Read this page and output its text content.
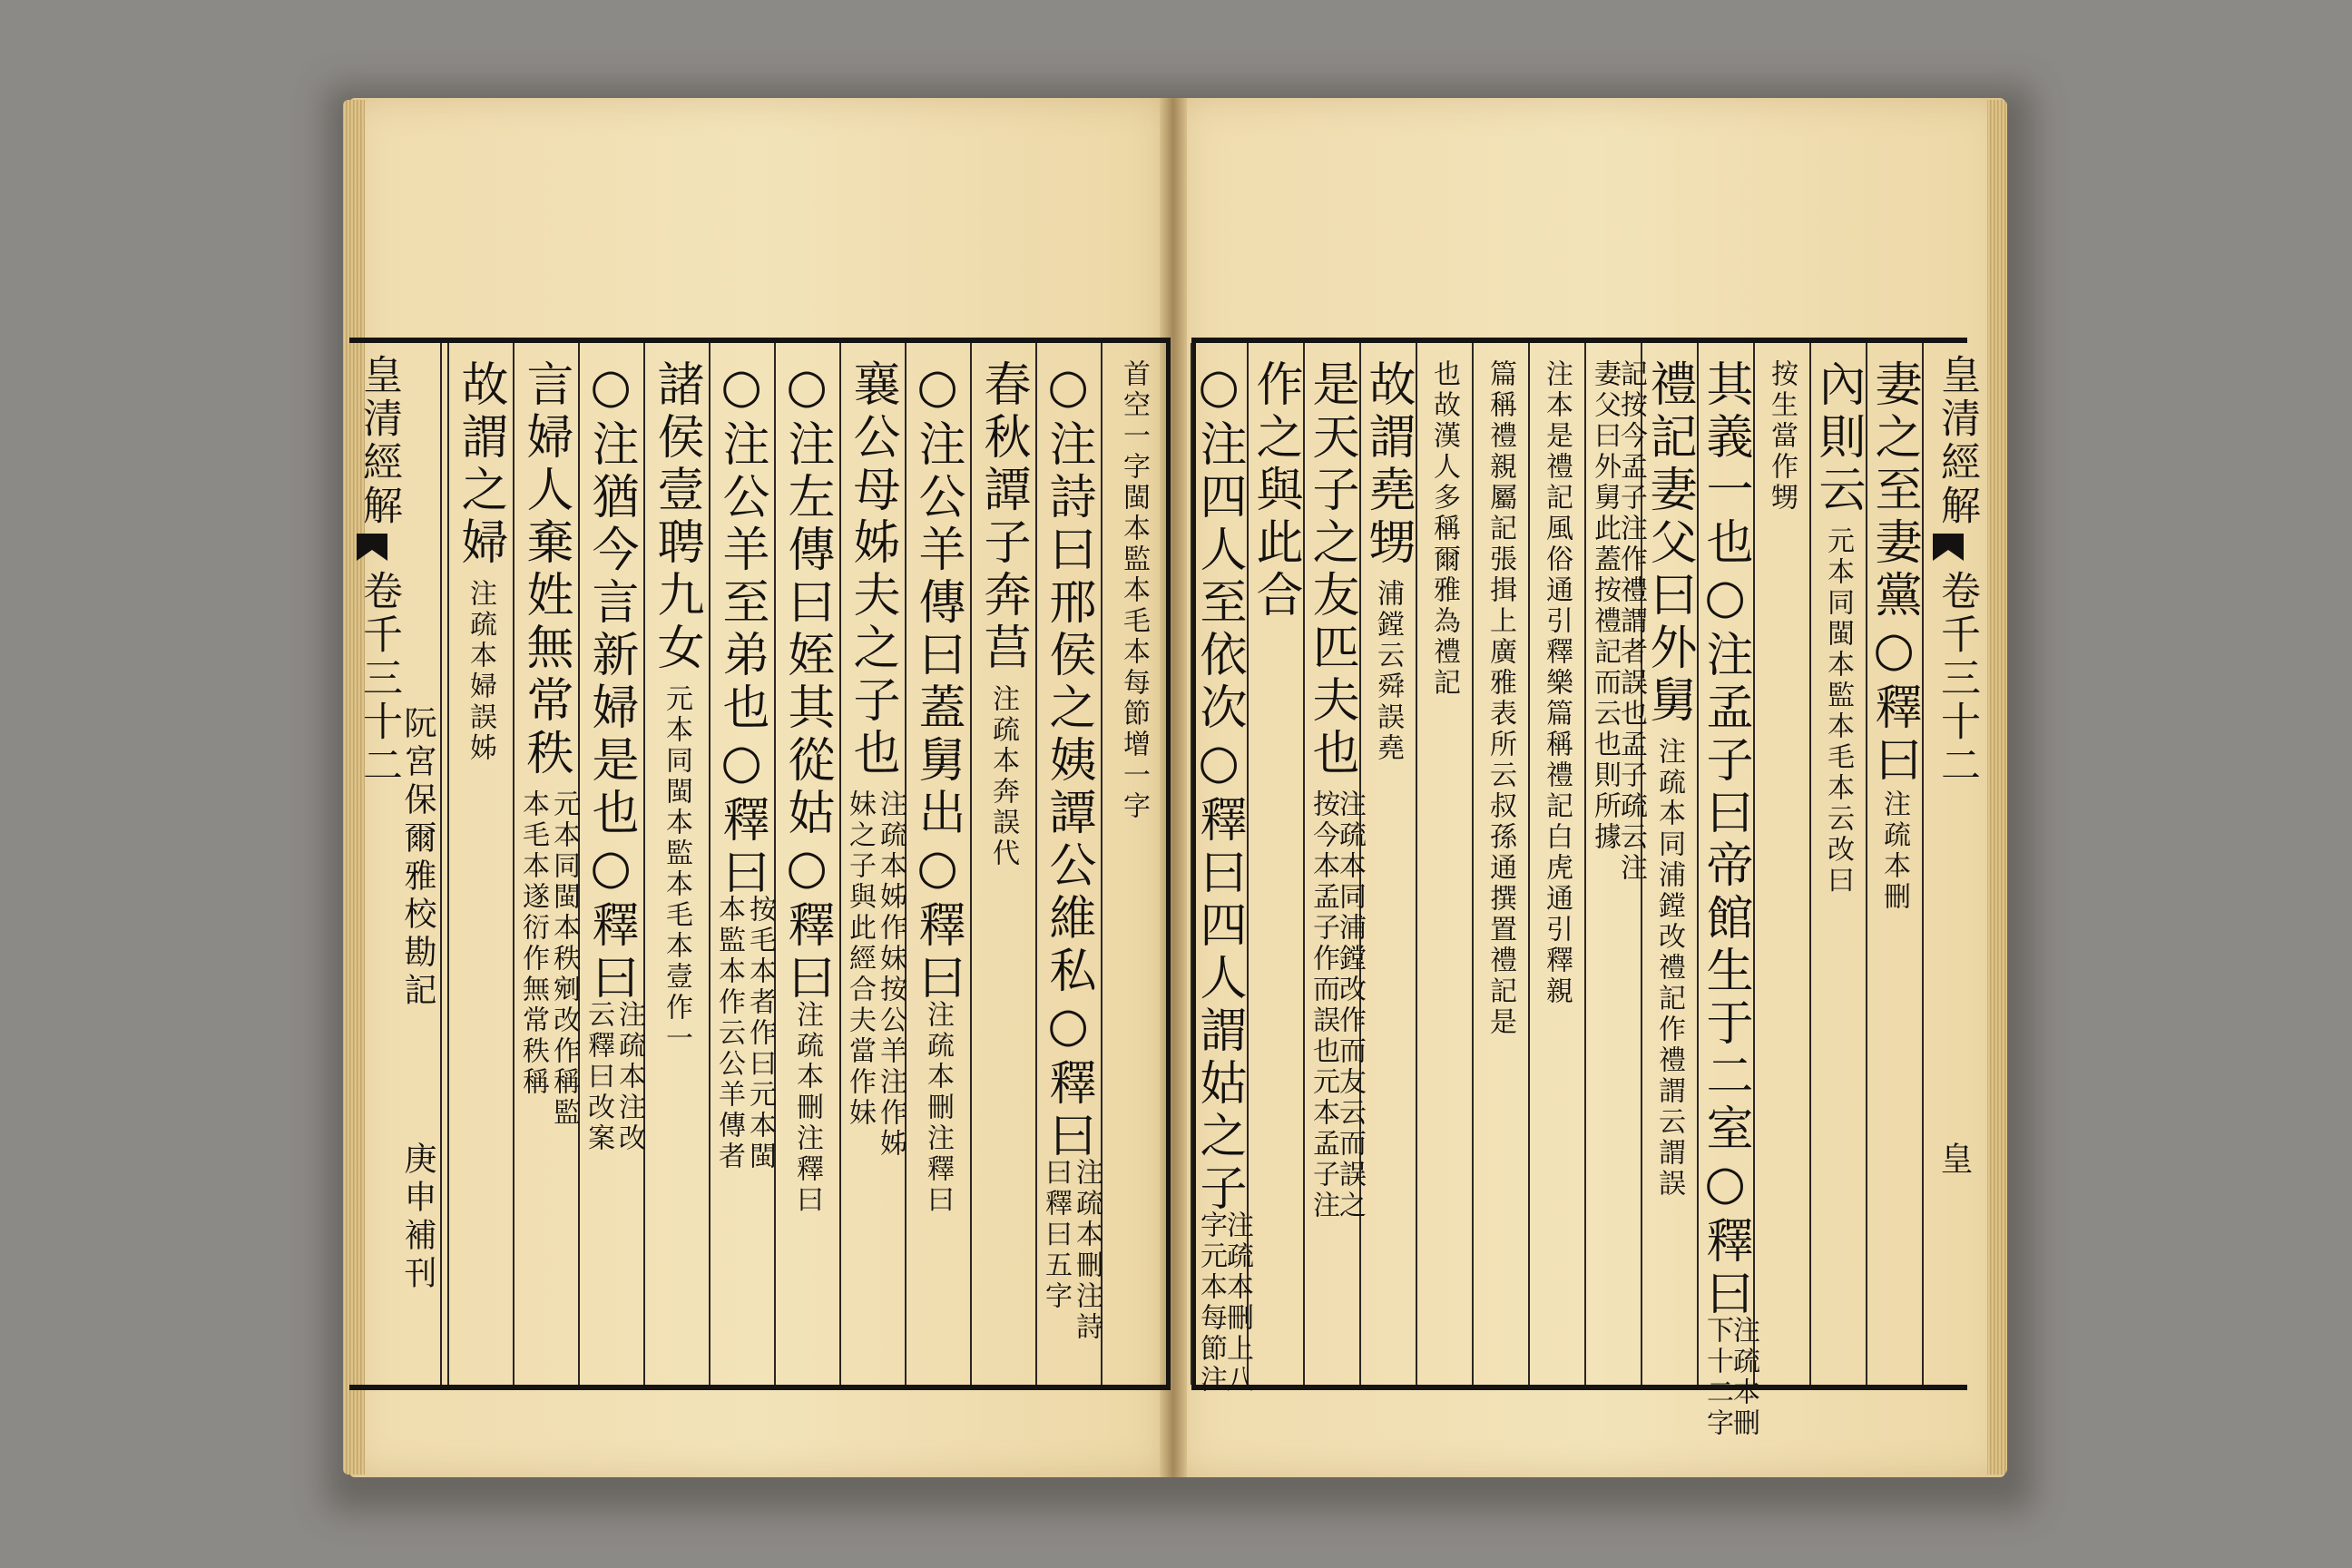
皇清經解
卷千三十二
阮宮保爾雅校勘記
庚申補刊
首空一字閩本監本毛本每節增一字
○注詩曰邢侯之姨譚公維私○釋曰
注疏本刪注詩
曰釋曰五字
春秋譚子奔莒
注疏本奔誤代
○注公羊傳曰蓋舅出○釋曰
注疏本刪注釋曰
襄公母姊夫之子也
注疏本姊作妹按公羊注作姊
妹之子與此經合夫當作妹
○注左傳曰姪其從姑○釋曰
注疏本刪注釋曰
○注公羊至弟也○釋曰
按毛本者作曰元本閩
本監本作云公羊傳者
諸侯壹聘九女
元本同閩本監本毛本壹作一
○注猶今言新婦是也○釋曰
注疏本注改
云釋曰改案
言婦人棄姓無常秩
元本同閩本秩剜改作稱監
本毛本遂衍作無常秩稱
故謂之婦
注疏本婦誤姊	妻之至妻黨○釋曰
注疏本刪
內則云
元本同閩本監本毛本云改曰
按生當作甥
其義一也○注孟子曰帝館生于二室○釋曰
注疏本刪
下十二字
禮記妻父曰外舅
注疏本同浦鏜改禮記作禮謂云謂誤
記按今孟子注作禮謂者誤也孟子疏云注
妻父曰外舅此蓋按禮記而云也則所據
注本是禮記風俗通引釋樂篇稱禮記白虎通引釋親
篇稱禮親屬記張揖上廣雅表所云叔孫通撰置禮記是
也故漢人多稱爾雅為禮記
故謂堯甥
浦鏜云舜誤堯
是天子之友匹夫也
注疏本同浦鏜改作而友云而誤之
按今本孟子作而誤也元本孟子注
作之與此合
○注四人至依次○釋曰四人謂姑之子
注疏本刪上八
字元本每節注
皇清經解
卷千三十二
皇
